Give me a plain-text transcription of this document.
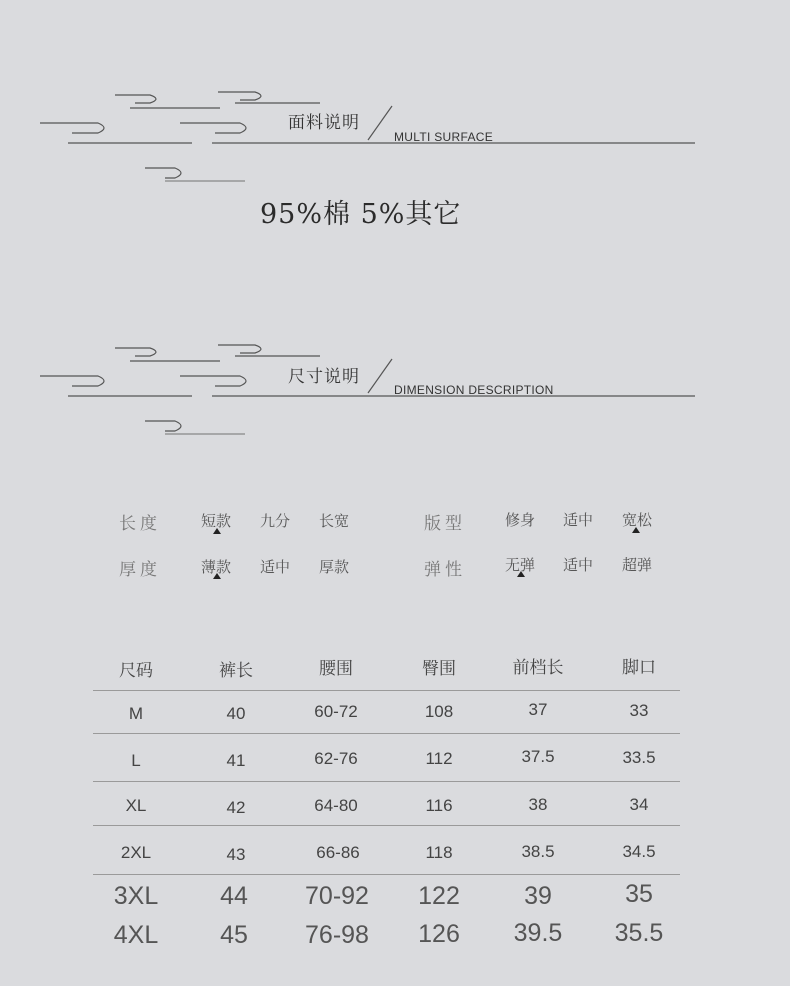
面料说明
MULTI SURFACE
95%棉 5%其它
尺寸说明
DIMENSION DESCRIPTION
长度	短款 九分 长宽	版型	修身 适中 宽松
厚度	薄款 适中 厚款	弹性	无弹 适中 超弹
尺码	裤长	腰围	臀围	前档长	脚口
M	40	60-72	108	37	33
L	41	62-76	112	37.5	33.5
XL	42	64-80	116	38	34
2XL	43	66-86	118	38.5	34.5
3XL	44	70-92	122	39	35
4XL	45	76-98	126	39.5	35.5
